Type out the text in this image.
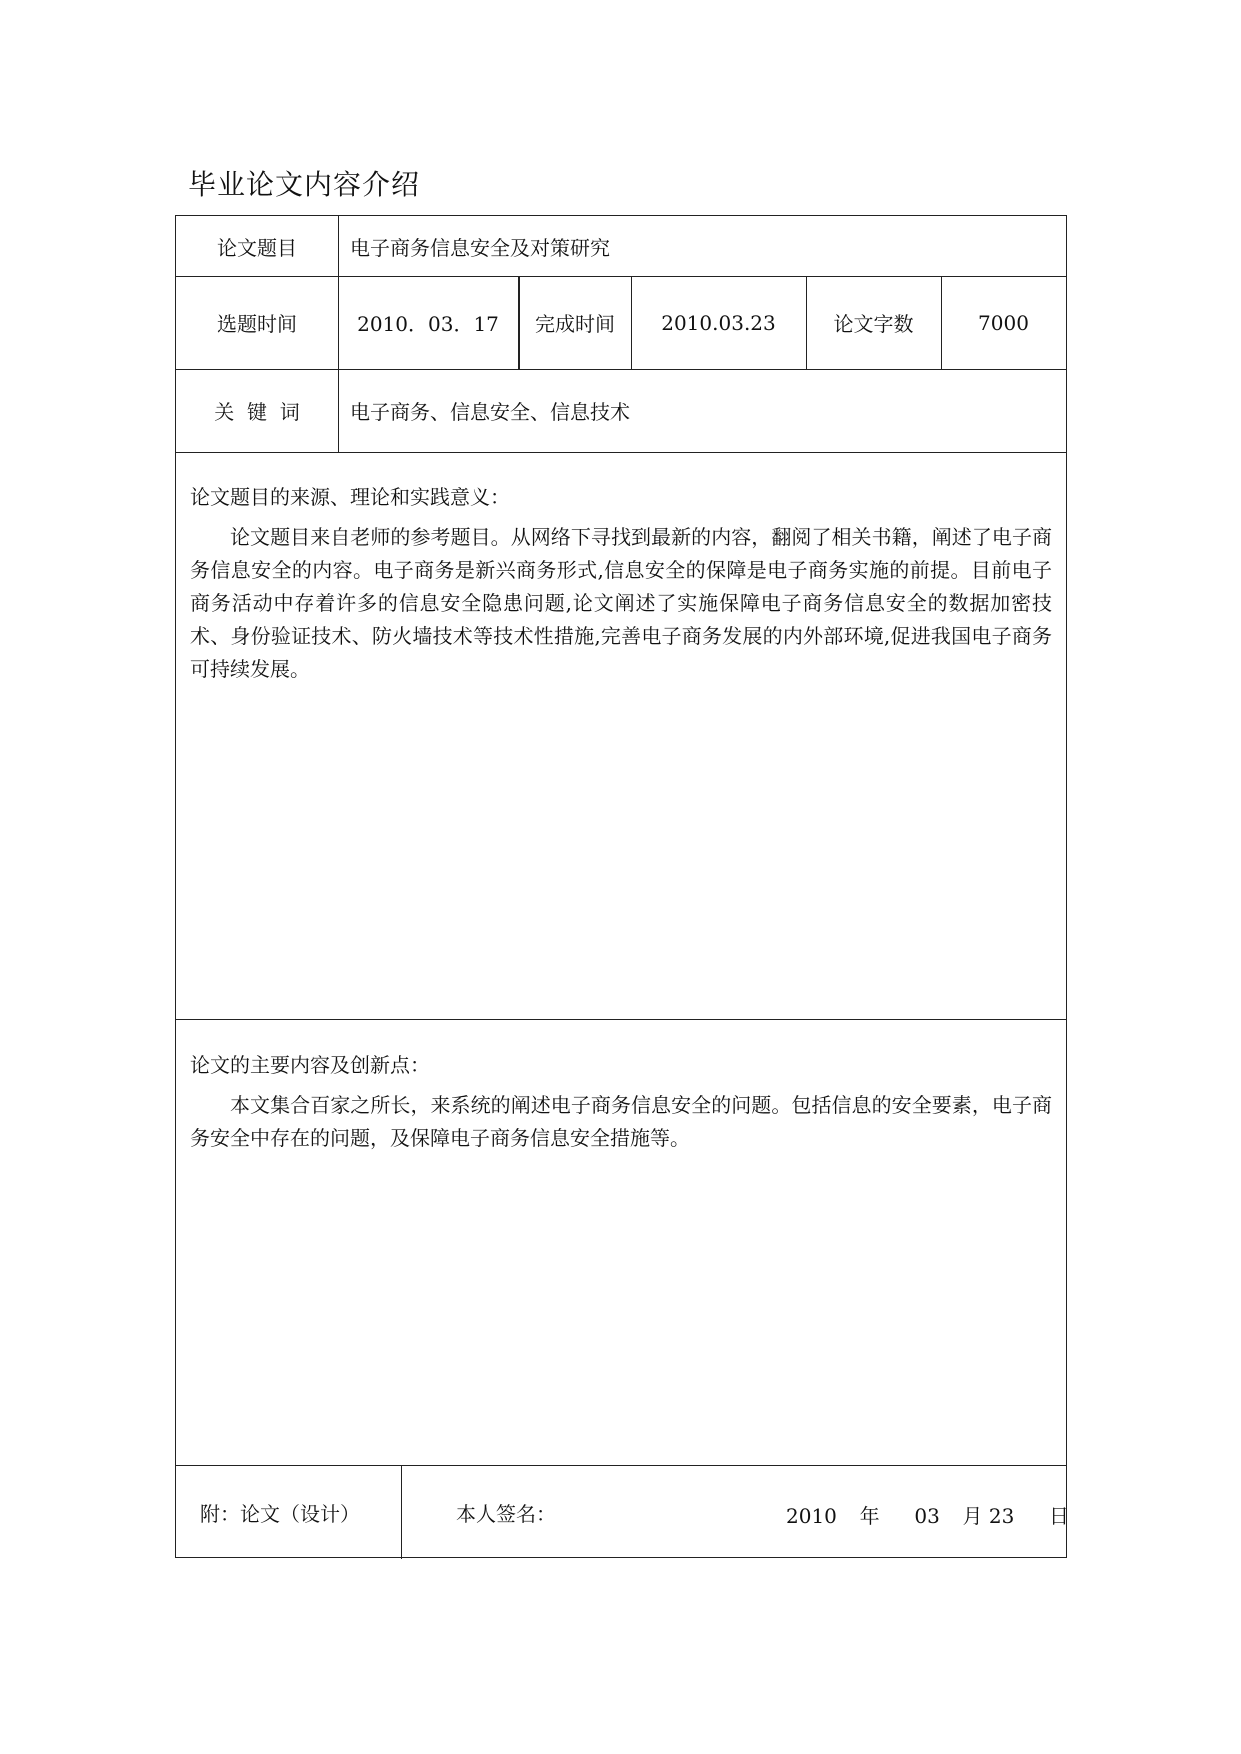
毕业论文内容介绍
论文题目	电子商务信息安全及对策研究
选题时间	2010．03．17	完成时间	2010.03.23	论文字数	7000
关  键  词	电子商务、信息安全、信息技术
论文题目的来源、理论和实践意义：
论文题目来自老师的参考题目。从网络下寻找到最新的内容，翻阅了相关书籍，阐述了电子商务信息安全的内容。电子商务是新兴商务形式,信息安全的保障是电子商务实施的前提。目前电子商务活动中存着许多的信息安全隐患问题,论文阐述了实施保障电子商务信息安全的数据加密技术、身份验证技术、防火墙技术等技术性措施,完善电子商务发展的内外部环境,促进我国电子商务可持续发展。
论文的主要内容及创新点：
本文集合百家之所长，来系统的阐述电子商务信息安全的问题。包括信息的安全要素，电子商务安全中存在的问题，及保障电子商务信息安全措施等。
附：论文（设计）	本人签名：	2010 年 03 月 23 日
